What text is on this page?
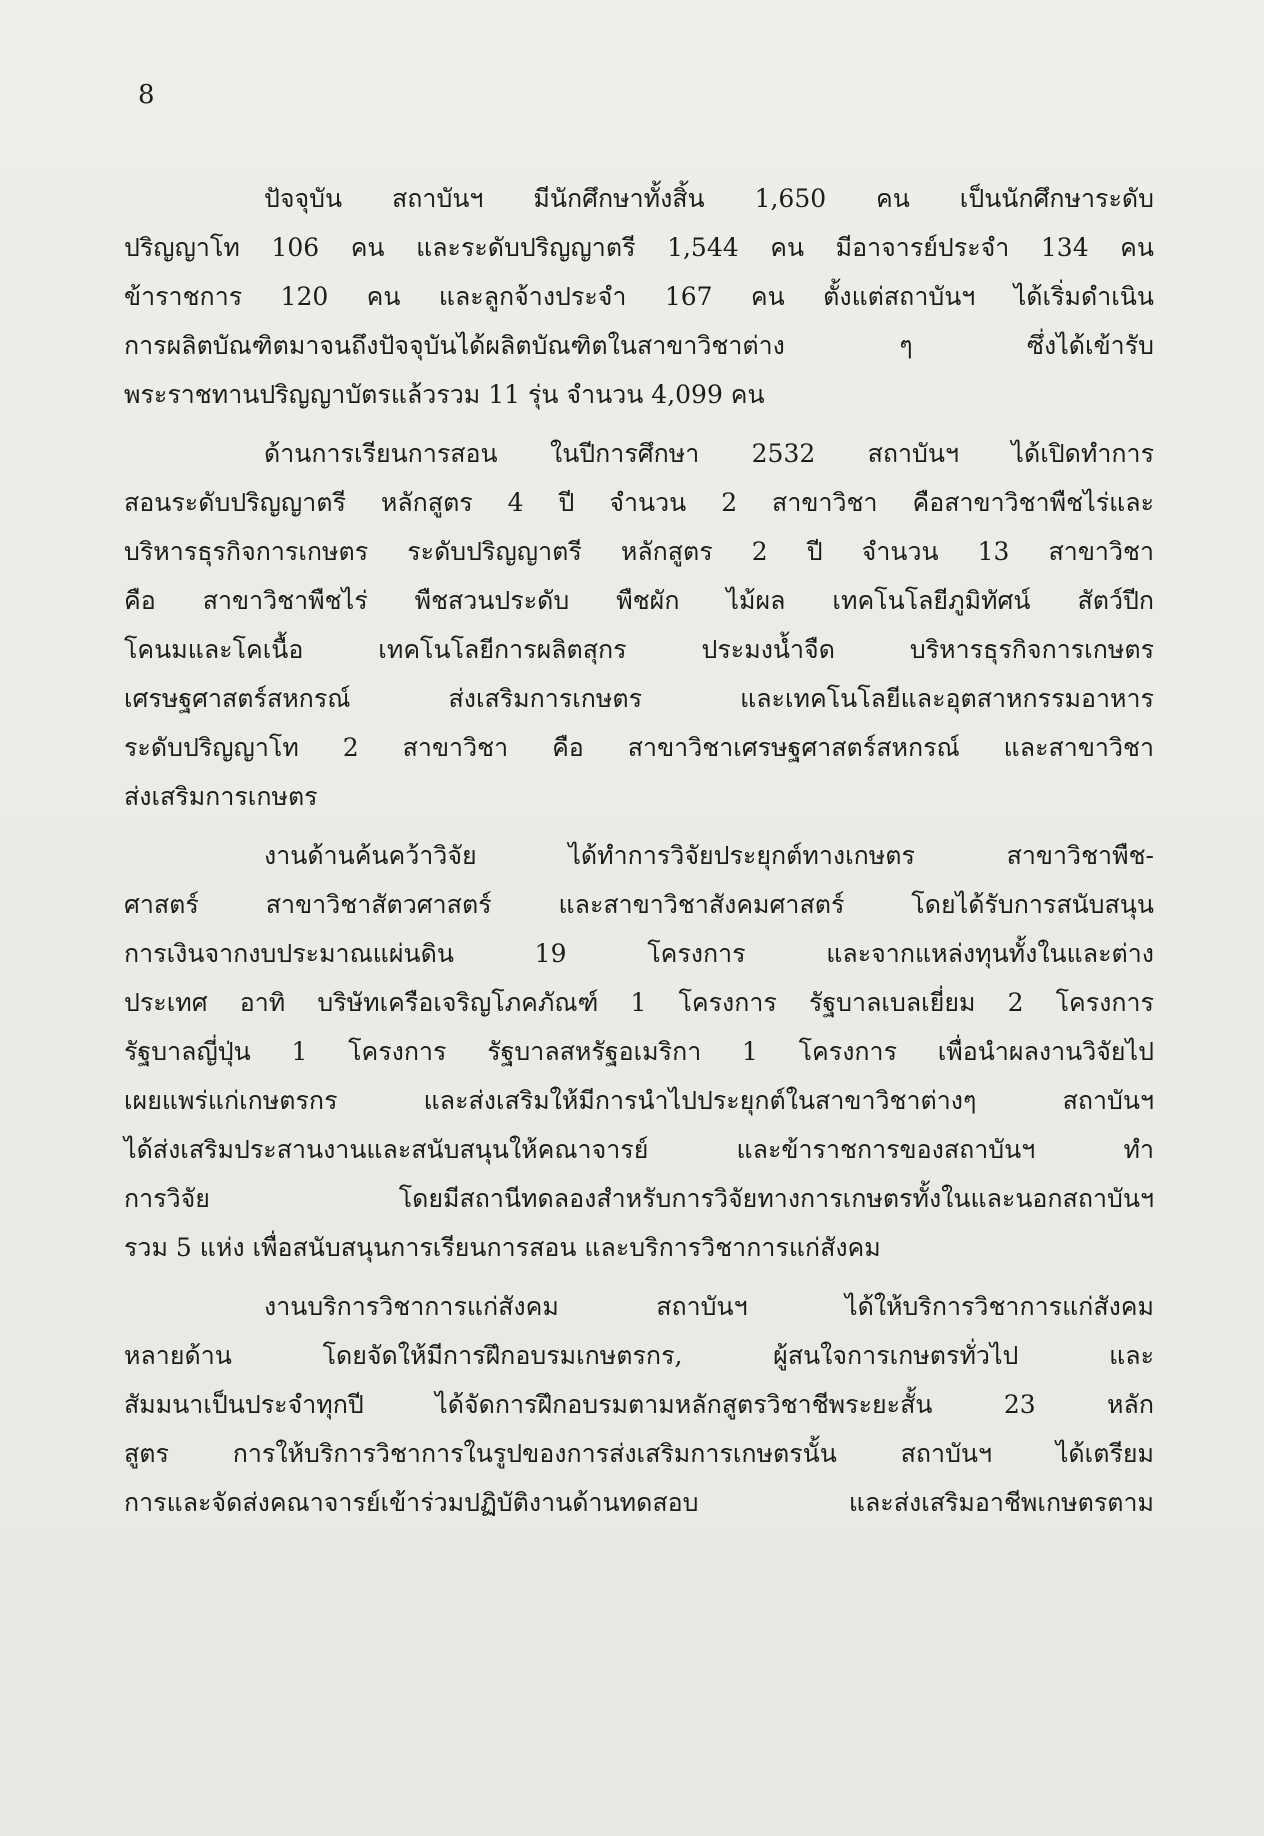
8
ปัจจุบัน สถาบันฯ มีนักศึกษาทั้งสิ้น 1,650 คน เป็นนักศึกษาระดับ
ปริญญาโท 106 คน และระดับปริญญาตรี 1,544 คน มีอาจารย์ประจำ 134 คน
ข้าราชการ 120 คน และลูกจ้างประจำ 167 คน ตั้งแต่สถาบันฯ ได้เริ่มดำเนิน
การผลิตบัณฑิตมาจนถึงปัจจุบันได้ผลิตบัณฑิตในสาขาวิชาต่าง ๆ ซึ่งได้เข้ารับ
พระราชทานปริญญาบัตรแล้วรวม 11 รุ่น จำนวน 4,099 คน
ด้านการเรียนการสอน ในปีการศึกษา 2532 สถาบันฯ ได้เปิดทำการ
สอนระดับปริญญาตรี หลักสูตร 4 ปี จำนวน 2 สาขาวิชา คือสาขาวิชาพืชไร่และ
บริหารธุรกิจการเกษตร ระดับปริญญาตรี หลักสูตร 2 ปี จำนวน 13 สาขาวิชา
คือ สาขาวิชาพืชไร่ พืชสวนประดับ พืชผัก ไม้ผล เทคโนโลยีภูมิทัศน์ สัตว์ปีก
โคนมและโคเนื้อ เทคโนโลยีการผลิตสุกร ประมงน้ำจืด บริหารธุรกิจการเกษตร
เศรษฐศาสตร์สหกรณ์ ส่งเสริมการเกษตร และเทคโนโลยีและอุตสาหกรรมอาหาร
ระดับปริญญาโท 2 สาขาวิชา คือ สาขาวิชาเศรษฐศาสตร์สหกรณ์ และสาขาวิชา
ส่งเสริมการเกษตร
งานด้านค้นคว้าวิจัย ได้ทำการวิจัยประยุกต์ทางเกษตร สาขาวิชาพืช-
ศาสตร์ สาขาวิชาสัตวศาสตร์ และสาขาวิชาสังคมศาสตร์ โดยได้รับการสนับสนุน
การเงินจากงบประมาณแผ่นดิน 19 โครงการ และจากแหล่งทุนทั้งในและต่าง
ประเทศ อาทิ บริษัทเครือเจริญโภคภัณฑ์ 1 โครงการ รัฐบาลเบลเยี่ยม 2 โครงการ
รัฐบาลญี่ปุ่น 1 โครงการ รัฐบาลสหรัฐอเมริกา 1 โครงการ เพื่อนำผลงานวิจัยไป
เผยแพร่แก่เกษตรกร และส่งเสริมให้มีการนำไปประยุกต์ในสาขาวิชาต่างๆ สถาบันฯ
ได้ส่งเสริมประสานงานและสนับสนุนให้คณาจารย์ และข้าราชการของสถาบันฯ ทำ
การวิจัย โดยมีสถานีทดลองสำหรับการวิจัยทางการเกษตรทั้งในและนอกสถาบันฯ
รวม 5 แห่ง เพื่อสนับสนุนการเรียนการสอน และบริการวิชาการแก่สังคม
งานบริการวิชาการแก่สังคม สถาบันฯ ได้ให้บริการวิชาการแก่สังคม
หลายด้าน โดยจัดให้มีการฝึกอบรมเกษตรกร, ผู้สนใจการเกษตรทั่วไป และ
สัมมนาเป็นประจำทุกปี ได้จัดการฝึกอบรมตามหลักสูตรวิชาชีพระยะสั้น 23 หลัก
สูตร การให้บริการวิชาการในรูปของการส่งเสริมการเกษตรนั้น สถาบันฯ ได้เตรียม
การและจัดส่งคณาจารย์เข้าร่วมปฏิบัติงานด้านทดสอบ และส่งเสริมอาชีพเกษตรตาม
